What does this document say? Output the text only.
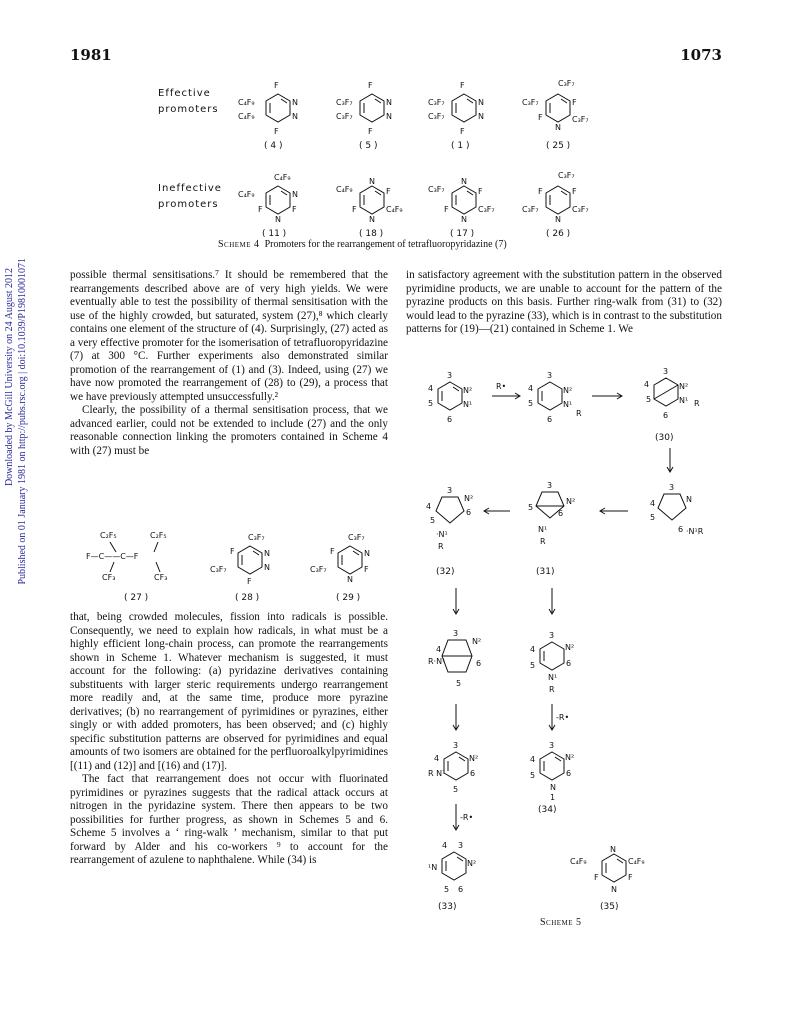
1981	1073
Downloaded by McGill University on 24 August 2012 Published on 01 January 1981 on http://pubs.rsc.org | doi:10.1039/P19810001071
Effective
promoters
Ineffective
promoters
F
F
N
N
C₄F₉
C₄F₉
F
F
N
N
C₃F₇
C₃F₇
F
F
N
N
C₃F₇
C₃F₇
C₃F₇
F
C₃F₇
F
N
C₃F₇
( 4 )	( 5 )	( 1 )	( 25 )
C₄F₉
N
C₄F₉
F
N
F
C₄F₉
N
F
F
N
C₄F₉
C₃F₇
N
F
F
N
C₃F₇
C₃F₇
F	F
C₃F₇
N
C₃F₇
( 11 )	( 18 )	( 17 )	( 26 )
Scheme 4 Promoters for the rearrangement of tetrafluoropyridazine (7)

possible thermal sensitisations.⁷ It should be remembered that the rearrangements described above are of very high yields. We were eventually able to test the possibility of thermal sensitisation with the use of the highly crowded, but saturated, system (27),⁸ which clearly contains one element of the structure of (4). Surprisingly, (27) acted as a very effective promoter for the isomerisation of tetrafluoropyridazine (7) at 300 °C. Further experiments also demonstrated similar promotion of the rearrangement of (1) and (3). Indeed, using (27) we have now promoted the rearrangement of (28) to (29), a process that we have previously attempted unsuccessfully.²

Clearly, the possibility of a thermal sensitisation process, that we advanced earlier, could not be extended to include (27) and the only reasonable connection linking the promoters contained in Scheme 4 with (27) must be

C₂F₅	C₂F₅
F—C——C—F
CF₃	CF₃
C₃F₇
F	N
C₃F₇	N
F
C₃F₇
F	N
C₃F₇
N
F
( 27 )	( 28 )	( 29 )

that, being crowded molecules, fission into radicals is possible. Consequently, we need to explain how radicals, in what must be a highly efficient long-chain process, can promote the rearrangements shown in Scheme 1. Whatever mechanism is suggested, it must account for the following: (a) pyridazine derivatives containing substituents with larger steric requirements undergo rearrangement more readily and, at the same time, produce more pyrazine derivatives; (b) no rearrangement of pyrimidines or pyrazines, either singly or with added promoters, has been observed; and (c) highly specific substitution patterns are observed for pyrimidines and equal amounts of two isomers are obtained for the perfluoroalkylpyrimidines [(11) and (12)] and [(16) and (17)].

The fact that rearrangement does not occur with fluorinated pyrimidines or pyrazines suggests that the radical attack occurs at nitrogen in the pyridazine system. There then appears to be two possibilities for further progress, as shown in Schemes 5 and 6. Scheme 5 involves a ‘ ring-walk ’ mechanism, similar to that put forward by Alder and his co-workers ⁹ to account for the rearrangement of azulene to naphthalene. While (34) is

in satisfactory agreement with the substitution pattern in the observed pyrimidine products, we are unable to account for the pattern of the pyrazine products on this basis. Further ring-walk from (31) to (32) would lead to the pyrazine (33), which is in contrast to the substitution patterns for (19)—(21) contained in Scheme 1. We

3
4
5
6
N²
N¹
R•
3
4
5
6
N²
N¹
R
3
4
5
6
N²
N¹ R
(30)
3
4
5
N²
6
·N¹
R
(32)
3
5
N²
6
N¹
R
(31)
3
4
5
N
6 ·N¹R
3
N²
6
R·N¹
5
4
3
4
5
N²
6
N¹
R
-R•
3
4
R N¹
N²
6
5
3
4
5
N²
6
N
1
(34)
-R•
4 3
¹N	N²
5 6
(33)
C₄F₉
N
C₄F₉
F
N
F
(35)
Scheme 5
